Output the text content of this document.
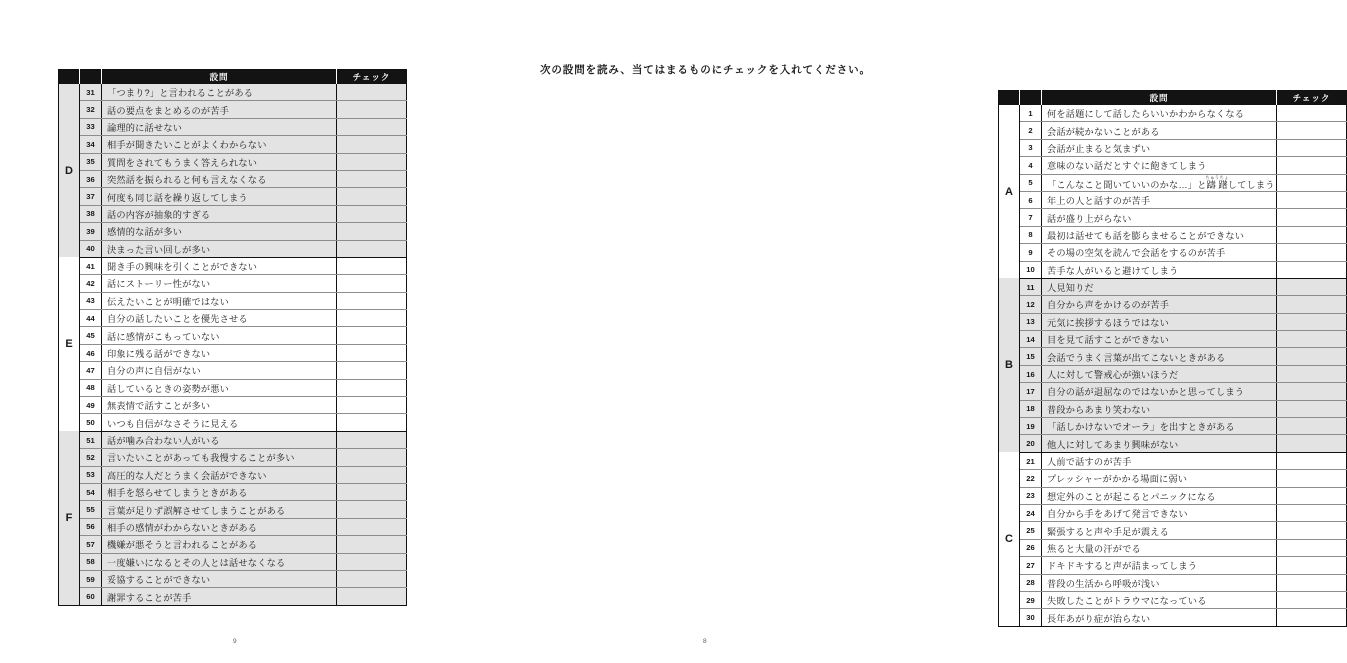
		設問	チェック
D	31	「つまり?」と言われることがある	
	32	話の要点をまとめるのが苦手	
	33	論理的に話せない	
	34	相手が聞きたいことがよくわからない	
	35	質問をされてもうまく答えられない	
	36	突然話を振られると何も言えなくなる	
	37	何度も同じ話を繰り返してしまう	
	38	話の内容が抽象的すぎる	
	39	感情的な話が多い	
	40	決まった言い回しが多い	
E	41	聞き手の興味を引くことができない	
	42	話にストーリー性がない	
	43	伝えたいことが明確ではない	
	44	自分の話したいことを優先させる	
	45	話に感情がこもっていない	
	46	印象に残る話ができない	
	47	自分の声に自信がない	
	48	話しているときの姿勢が悪い	
	49	無表情で話すことが多い	
	50	いつも自信がなさそうに見える	
F	51	話が噛み合わない人がいる	
	52	言いたいことがあっても我慢することが多い	
	53	高圧的な人だとうまく会話ができない	
	54	相手を怒らせてしまうときがある	
	55	言葉が足りず誤解させてしまうことがある	
	56	相手の感情がわからないときがある	
	57	機嫌が悪そうと言われることがある	
	58	一度嫌いになるとその人とは話せなくなる	
	59	妥協することができない	
	60	謝罪することが苦手	
9
次の設問を読み、当てはまるものにチェックを入れてください。
		設問	チェック
A	1	何を話題にして話したらいいかわからなくなる	
	2	会話が続かないことがある	
	3	会話が止まると気まずい	
	4	意味のない話だとすぐに飽きてしまう	
	5	「こんなこと聞いていいのかな…」と躊躇ちゅうちょしてしまう	
	6	年上の人と話すのが苦手	
	7	話が盛り上がらない	
	8	最初は話せても話を膨らませることができない	
	9	その場の空気を読んで会話をするのが苦手	
	10	苦手な人がいると避けてしまう	
B	11	人見知りだ	
	12	自分から声をかけるのが苦手	
	13	元気に挨拶するほうではない	
	14	目を見て話すことができない	
	15	会話でうまく言葉が出てこないときがある	
	16	人に対して警戒心が強いほうだ	
	17	自分の話が退屈なのではないかと思ってしまう	
	18	普段からあまり笑わない	
	19	「話しかけないでオーラ」を出すときがある	
	20	他人に対してあまり興味がない	
C	21	人前で話すのが苦手	
	22	プレッシャーがかかる場面に弱い	
	23	想定外のことが起こるとパニックになる	
	24	自分から手をあげて発言できない	
	25	緊張すると声や手足が震える	
	26	焦ると大量の汗がでる	
	27	ドキドキすると声が詰まってしまう	
	28	普段の生活から呼吸が浅い	
	29	失敗したことがトラウマになっている	
	30	長年あがり症が治らない	
8
